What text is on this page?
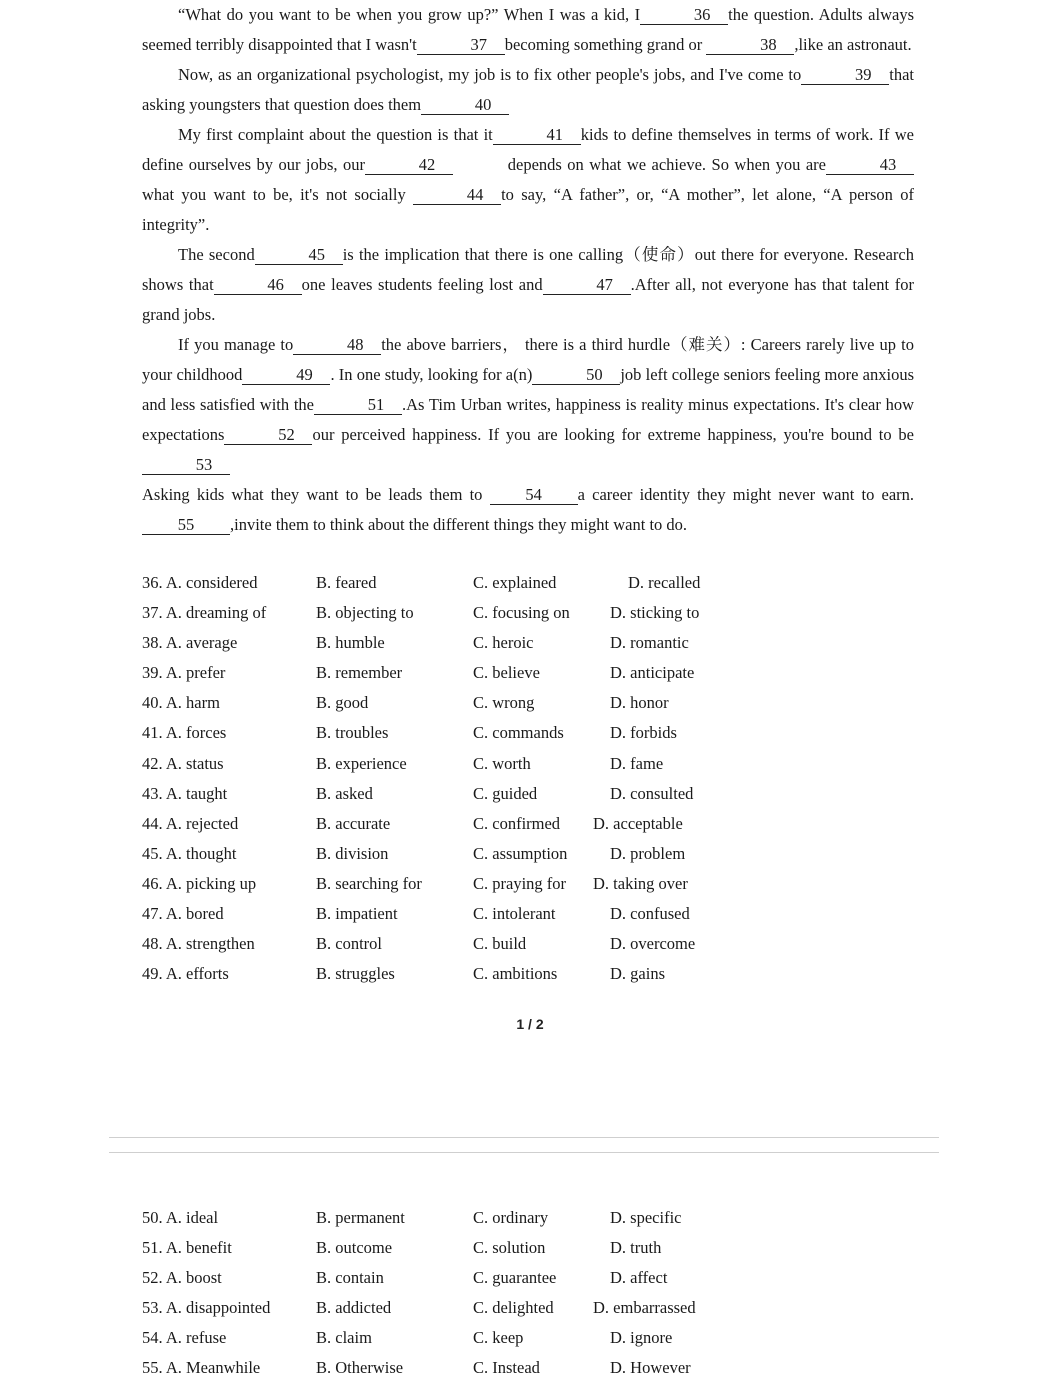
“What do you want to be when you grow up?” When I was a kid, I	36 the question. Adults always seemed terribly disappointed that I wasn't	37 becoming something grand or	38 ,like an astronaut.

Now, as an organizational psychologist, my job is to fix other people's jobs, and I've come to	39 that asking youngsters that question does them	40

My first complaint about the question is that it	41 kids to define themselves in terms of work. If we define ourselves by our jobs, our	42	depends on what we achieve. So when you are	43what you want to be, it's not socially	44 to say, “A father”, or, “A mother”, let alone, “A person of integrity”.

The second	45 is the implication that there is one calling（使命）out there for everyone. Research shows that	46 one leaves students feeling lost and	47 .After all, not everyone has that talent for grand jobs.

If you manage to	48 the above barriers， there is a third hurdle（难关）: Careers rarely live up to your childhood	49 . In one study, looking for a(n)	50 job left college seniors feeling more anxious and less satisfied with the	51 .As Tim Urban writes, happiness is reality minus expectations. It's clear how expectations	52 our perceived happiness. If you are looking for extreme happiness, you're bound to be53

Asking kids what they want to be leads them to	54 a career identity they might never want to earn.55 ,invite them to think about the different things they might want to do.

36. A. considered	B. feared	C. explained	D. recalled
37. A. dreaming of	B. objecting to	C. focusing on D. sticking to
38. A. average	B. humble	C. heroic	D. romantic
39. A. prefer	B. remember	C. believe	D. anticipate
40. A. harm	B. good	C. wrong	D. honor
41. A. forces	B. troubles	C. commands	D. forbids
42. A. status	B. experience	C. worth	D. fame
43. A. taught	B. asked	C. guided	D. consulted
44. A. rejected	B. accurate	C. confirmed D. acceptable
45. A. thought	B. division	C. assumption	D. problem
46. A. picking up	B. searching for	C. praying for D. taking over
47. A. bored	B. impatient	C. intolerant	D. confused
48. A. strengthen	B. control	C. build	D. overcome
49. A. efforts	B. struggles	C. ambitions	D. gains
1 / 2
50. A. ideal	B. permanent	C. ordinary	D. specific
51. A. benefit	B. outcome	C. solution	D. truth
52. A. boost	B. contain	C. guarantee	D. affect
53. A. disappointed	B. addicted	C. delighted D. embarrassed
54. A. refuse	B. claim	C. keep	D. ignore
55. A. Meanwhile	B. Otherwise	C. Instead	D. However
